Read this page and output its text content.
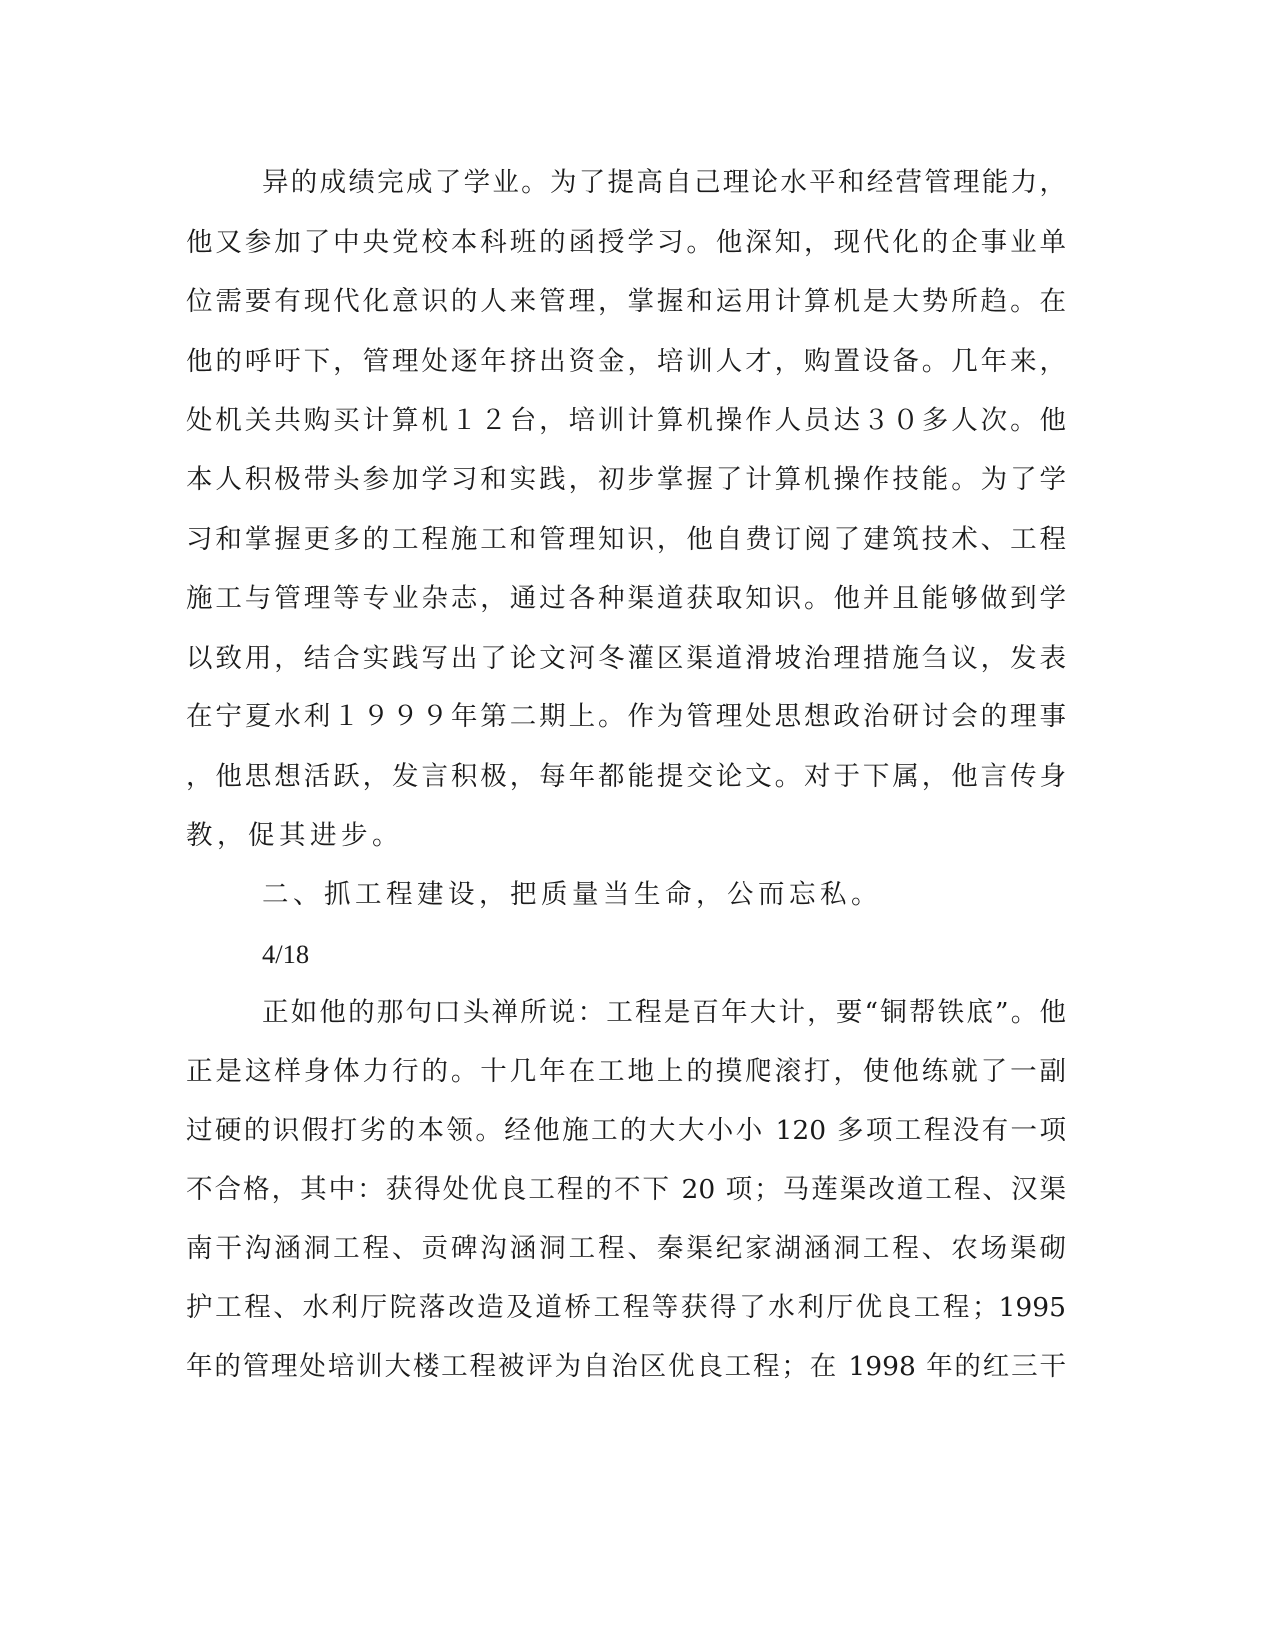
异的成绩完成了学业。为了提高自己理论水平和经营管理能力，
他又参加了中央党校本科班的函授学习。他深知，现代化的企事业单
位需要有现代化意识的人来管理，掌握和运用计算机是大势所趋。在
他的呼吁下，管理处逐年挤出资金，培训人才，购置设备。几年来，
处机关共购买计算机１２台，培训计算机操作人员达３０多人次。他
本人积极带头参加学习和实践，初步掌握了计算机操作技能。为了学
习和掌握更多的工程施工和管理知识，他自费订阅了建筑技术、工程
施工与管理等专业杂志，通过各种渠道获取知识。他并且能够做到学
以致用，结合实践写出了论文河冬灌区渠道滑坡治理措施刍议，发表
在宁夏水利１９９９年第二期上。作为管理处思想政治研讨会的理事
，他思想活跃，发言积极，每年都能提交论文。对于下属，他言传身
教，促其进步。
二、抓工程建设，把质量当生命，公而忘私。
4/18
正如他的那句口头禅所说：工程是百年大计，要“铜帮铁底”。他
正是这样身体力行的。十几年在工地上的摸爬滚打，使他练就了一副
过硬的识假打劣的本领。经他施工的大大小小 120 多项工程没有一项
不合格，其中：获得处优良工程的不下 20 项；马莲渠改道工程、汉渠
南干沟涵洞工程、贡碑沟涵洞工程、秦渠纪家湖涵洞工程、农场渠砌
护工程、水利厅院落改造及道桥工程等获得了水利厅优良工程；1995
年的管理处培训大楼工程被评为自治区优良工程；在 1998 年的红三干
